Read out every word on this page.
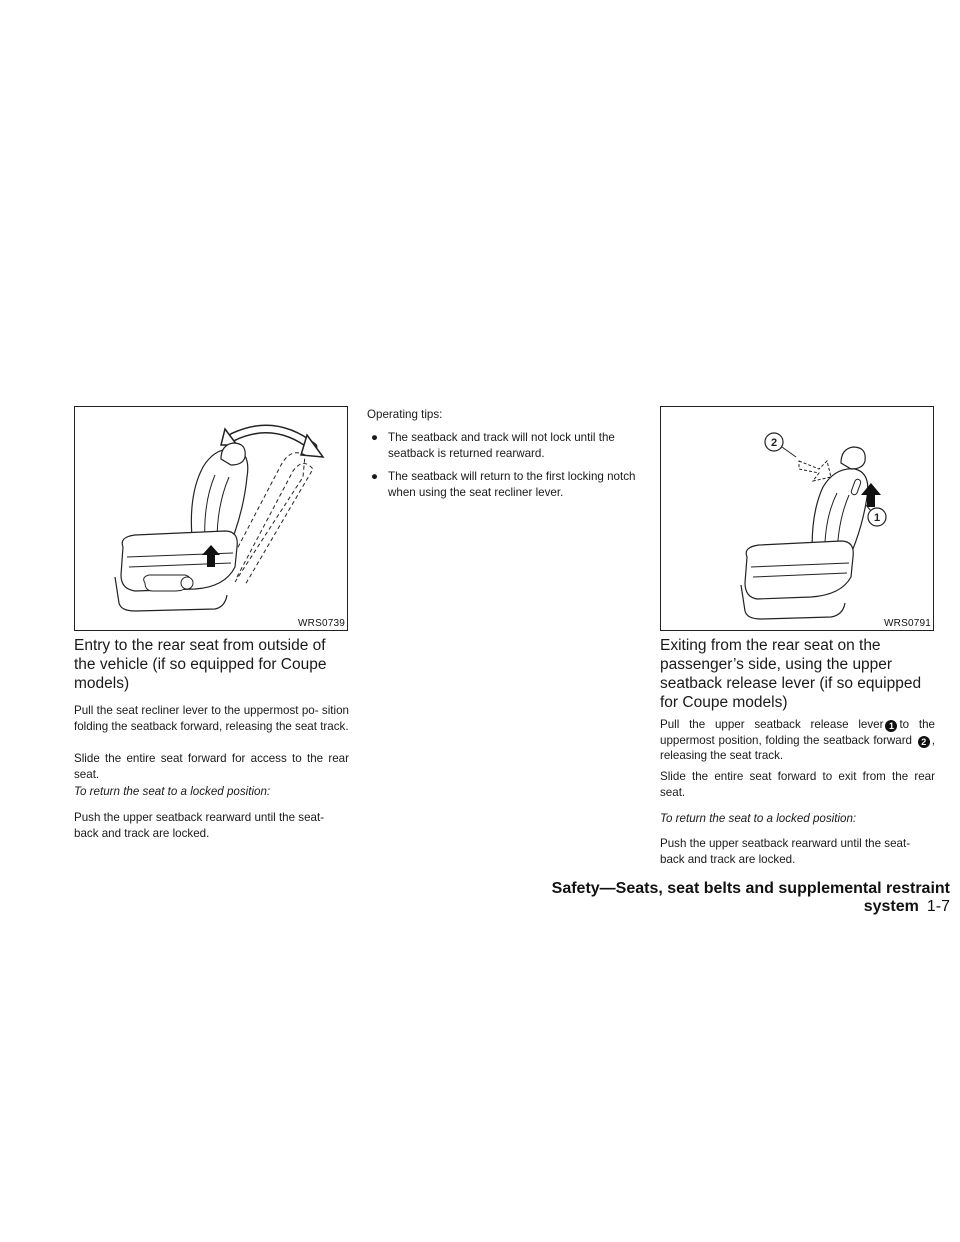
WRS0739
Entry to the rear seat from outside of the vehicle (if so equipped for Coupe models)

Pull the seat recliner lever to the uppermost po- sition folding the seatback forward, releasing the seat track.

Slide the entire seat forward for access to the rear seat.

To return the seat to a locked position:

Push the upper seatback rearward until the seat- back and track are locked.

Operating tips:

● The seatback and track will not lock until the seatback is returned rearward.
● The seatback will return to the first locking notch when using the seat recliner lever.
2
1
WRS0791
Exiting from the rear seat on the passenger’s side, using the upper seatback release lever (if so equipped for Coupe models)

Pull the upper seatback release lever 1 to the uppermost position, folding the seatback forward 2 , releasing the seat track.

Slide the entire seat forward to exit from the rear seat.

To return the seat to a locked position:

Push the upper seatback rearward until the seat- back and track are locked.

Safety—Seats, seat belts and supplemental restraint system 1-7
